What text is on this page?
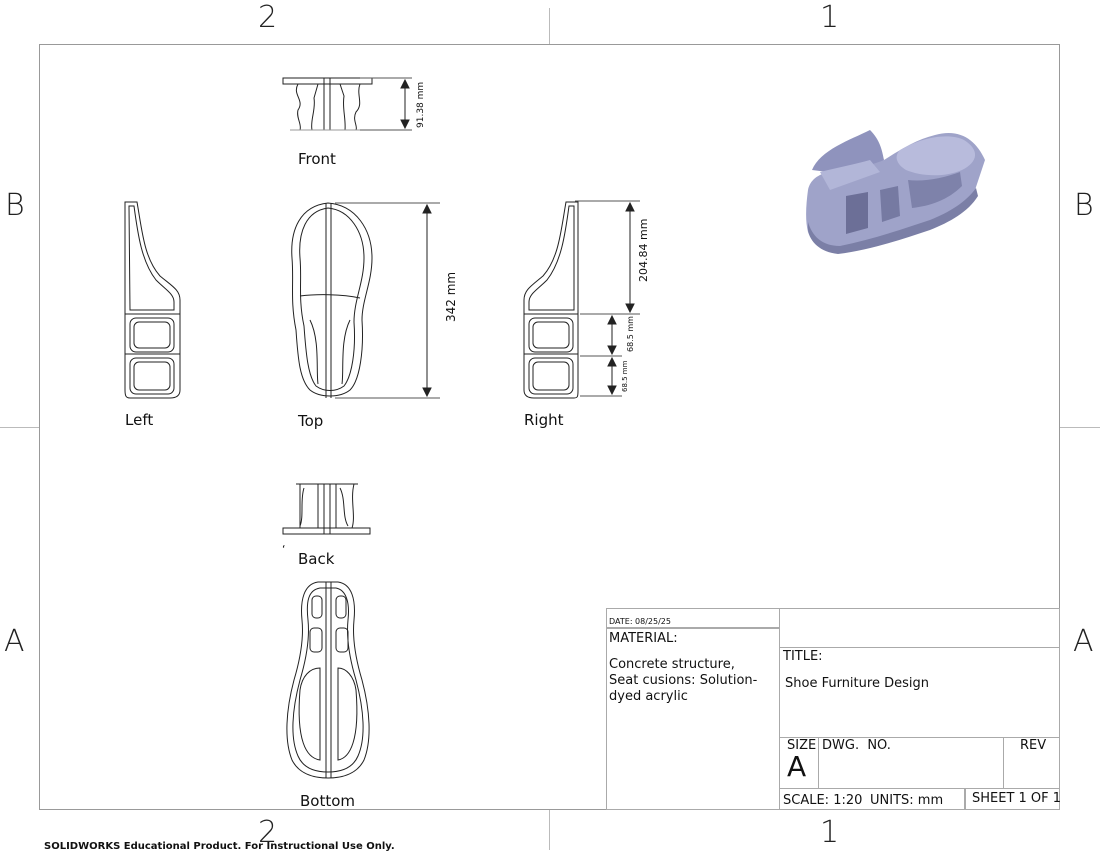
2	1
2	1
B
A
B
A
91.38 mm
342 mm
204.84 mm
68.5 mm
68.5 mm
Front
Left	Top	Right
Back
Bottom
‘
DATE: 08/25/25
MATERIAL:
Concrete structure, Seat cusions: Solution-dyed acrylic
TITLE:
Shoe Furniture Design
SIZE
A
DWG.  NO.	REV
SCALE: 1:20 UNITS: mm SHEET 1 OF 1
SOLIDWORKS Educational Product. For Instructional Use Only.
